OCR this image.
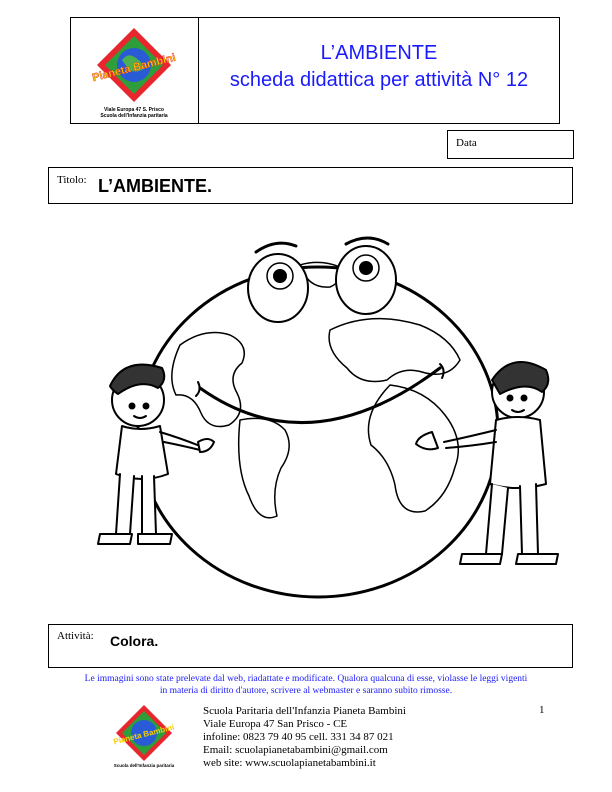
Pianeta Bambini
Viale Europa 47 S. Prisco
Scuola dell'Infanzia paritaria
L’AMBIENTE
scheda didattica per attività N° 12
Data
Titolo: L’AMBIENTE.
Attività: Colora.
Le immagini sono state prelevate dal web, riadattate e modificate. Qualora qualcuna di esse, violasse le leggi vigenti
in materia di diritto d'autore, scrivere al webmaster e saranno subito rimosse.
Pianeta Bambini
Scuola dell'Infanzia paritaria
Scuola Paritaria dell'Infanzia Pianeta Bambini
Viale Europa 47 San Prisco - CE
infoline: 0823 79 40 95 cell. 331 34 87 021
Email: scuolapianetabambini@gmail.com
web site: www.scuolapianetabambini.it
1
